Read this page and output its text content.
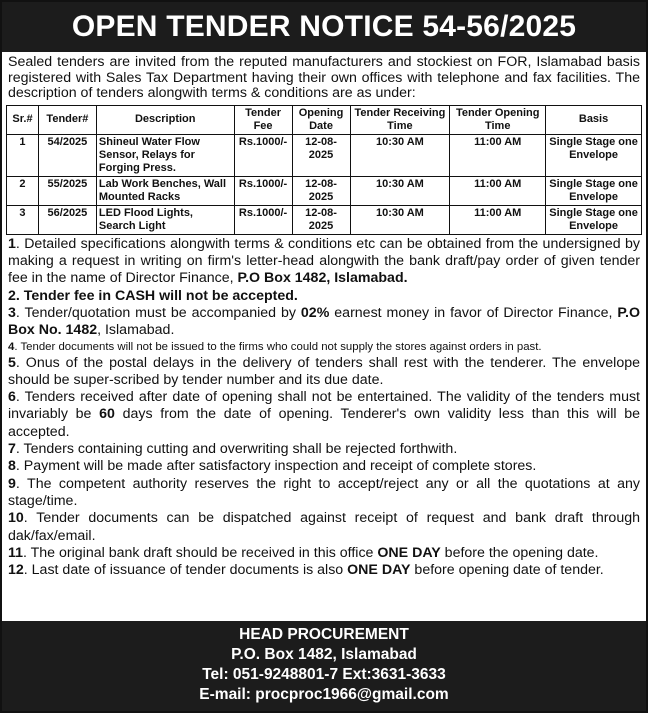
OPEN TENDER NOTICE 54-56/2025
Sealed tenders are invited from the reputed manufacturers and stockiest on FOR, Islamabad basis registered with Sales Tax Department having their own offices with telephone and fax facilities. The description of tenders alongwith terms & conditions are as under:
Sr.#	Tender#	Description	Tender Fee	Opening Date	Tender Receiving Time	Tender Opening Time	Basis
1	54/2025	Shineul Water Flow Sensor, Relays for Forging Press.	Rs.1000/-	12-08-2025	10:30 AM	11:00 AM	Single Stage one Envelope
2	55/2025	Lab Work Benches, Wall Mounted Racks	Rs.1000/-	12-08-2025	10:30 AM	11:00 AM	Single Stage one Envelope
3	56/2025	LED Flood Lights, Search Light	Rs.1000/-	12-08-2025	10:30 AM	11:00 AM	Single Stage one Envelope

1. Detailed specifications alongwith terms & conditions etc can be obtained from the undersigned by making a request in writing on firm's letter-head alongwith the bank draft/pay order of given tender fee in the name of Director Finance, P.O Box 1482, Islamabad.

2. Tender fee in CASH will not be accepted.

3. Tender/quotation must be accompanied by 02% earnest money in favor of Director Finance, P.O Box No. 1482, Islamabad.

4. Tender documents will not be issued to the firms who could not supply the stores against orders in past.

5. Onus of the postal delays in the delivery of tenders shall rest with the tenderer. The envelope should be super-scribed by tender number and its due date.

6. Tenders received after date of opening shall not be entertained. The validity of the tenders must invariably be 60 days from the date of opening. Tenderer's own validity less than this will be accepted.

7. Tenders containing cutting and overwriting shall be rejected forthwith.

8. Payment will be made after satisfactory inspection and receipt of complete stores.

9. The competent authority reserves the right to accept/reject any or all the quotations at any stage/time.

10. Tender documents can be dispatched against receipt of request and bank draft through dak/fax/email.

11. The original bank draft should be received in this office ONE DAY before the opening date.

12. Last date of issuance of tender documents is also ONE DAY before opening date of tender.

HEAD PROCUREMENT
P.O. Box 1482, Islamabad
Tel: 051-9248801-7 Ext:3631-3633
E-mail: procproc1966@gmail.com
